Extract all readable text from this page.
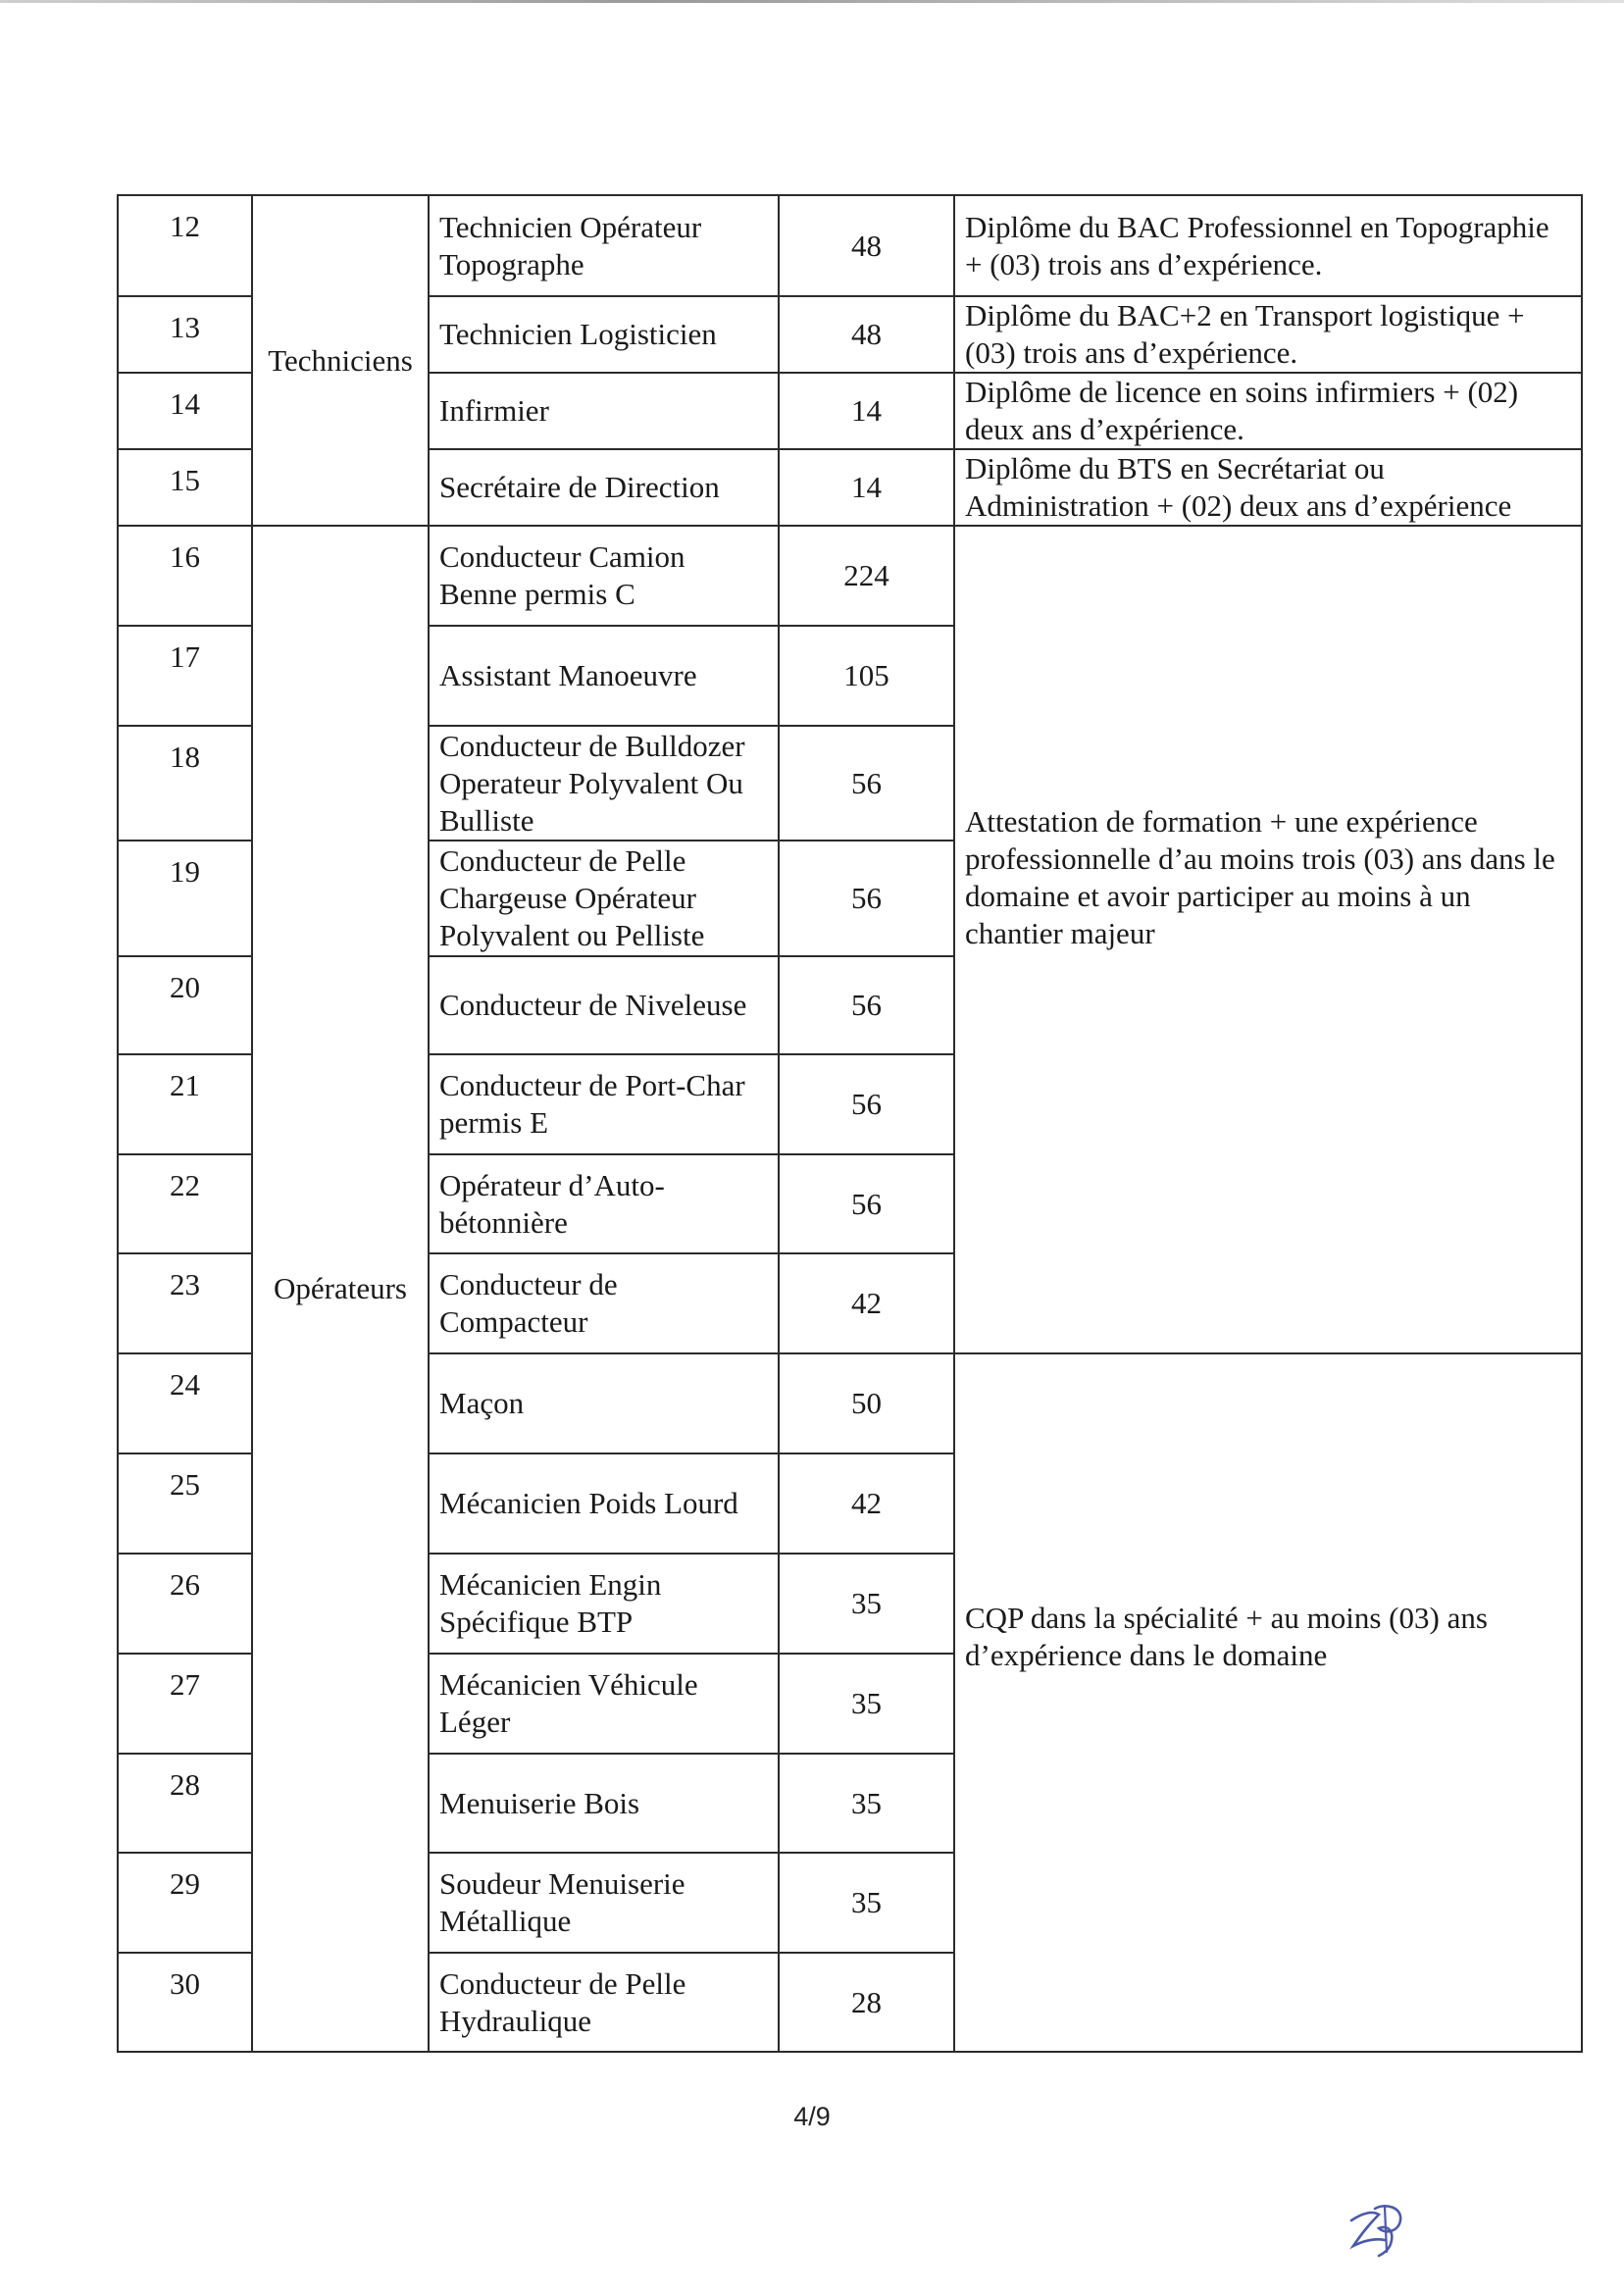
12	Techniciens	Technicien Opérateur Topographe	48	Diplôme du BAC Professionnel en Topographie + (03) trois ans d’expérience.
13		Technicien Logisticien	48	Diplôme du BAC+2 en Transport logistique + (03) trois ans d’expérience.
14		Infirmier	14	Diplôme de licence en soins infirmiers + (02) deux ans d’expérience.
15		Secrétaire de Direction	14	Diplôme du BTS en Secrétariat ou Administration + (02) deux ans d’expérience
16	Opérateurs	Conducteur Camion Benne permis C	224	Attestation de formation + une expérience professionnelle d’au moins trois (03) ans dans le domaine et avoir participer au moins à un chantier majeur

17		Assistant Manoeuvre	105	
18		Conducteur de Bulldozer Operateur Polyvalent Ou Bulliste	56	
19		Conducteur de Pelle Chargeuse Opérateur Polyvalent ou Pelliste	56	
20		Conducteur de Niveleuse	56	
21		Conducteur de Port-Char permis E	56	
22		Opérateur d’Auto-bétonnière	56	
23		Conducteur de Compacteur	42	
24		Maçon	50	CQP dans la spécialité + au moins (03) ans d’expérience dans le domaine

25		Mécanicien Poids Lourd	42	
26		Mécanicien Engin Spécifique BTP	35	
27		Mécanicien Véhicule Léger	35	
28		Menuiserie Bois	35	
29		Soudeur Menuiserie Métallique	35	
30		Conducteur de Pelle Hydraulique	28	
4/9
